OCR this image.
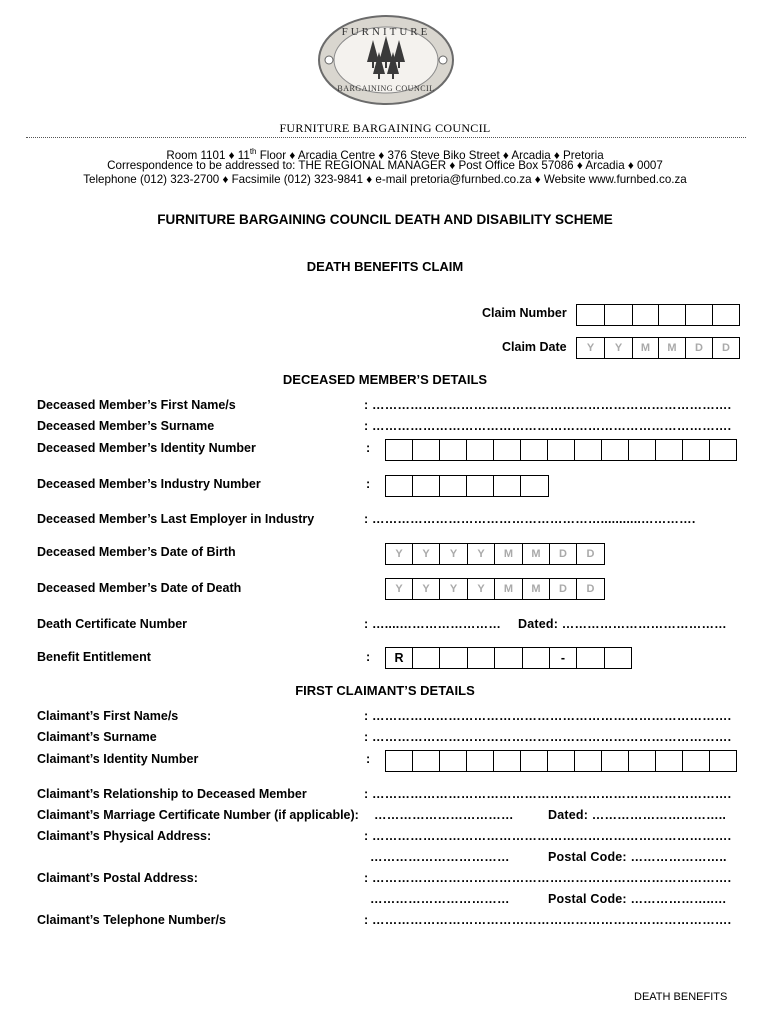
FURNITURE
BARGAINING COUNCIL
FURNITURE BARGAINING COUNCIL
Room 1101 ♦ 11th Floor ♦ Arcadia Centre ♦ 376 Steve Biko Street ♦ Arcadia ♦ Pretoria
Correspondence to be addressed to: THE REGIONAL MANAGER ♦ Post Office Box 57086 ♦ Arcadia ♦ 0007
Telephone (012) 323-2700 ♦ Facsimile (012) 323-9841 ♦ e-mail pretoria@furnbed.co.za ♦ Website www.furnbed.co.za
FURNITURE BARGAINING COUNCIL DEATH AND DISABILITY SCHEME
DEATH BENEFITS CLAIM
Claim Number
Claim Date	Y	Y	M	M	D	D
DECEASED MEMBER’S DETAILS
Deceased Member’s First Name/s	: ………………………………………………………………………….
Deceased Member’s Surname	: ………………………………………………………………………….
Deceased Member’s Identity Number	:
Deceased Member’s Industry Number	:
Deceased Member’s Last Employer in Industry	: ………………………………………………...........………….
Deceased Member’s Date of Birth	Y	Y	Y	Y	M	M	D	D
Deceased Member’s Date of Death	Y	Y	Y	Y	M	M	D	D
Death Certificate Number	: …....…………………… Dated: …………………………………
Benefit Entitlement	:	R	-
FIRST CLAIMANT’S DETAILS
Claimant’s First Name/s	: ………………………………………………………………………….
Claimant’s Surname	: ………………………………………………………………………….
Claimant’s Identity Number	:
Claimant’s Relationship to Deceased Member	: ………………………………………………………………………….
Claimant’s Marriage Certificate Number (if applicable): ……………………………	Dated: …………………………..
Claimant’s Physical Address:	: ………………………………………………………………………….
……………………………	Postal Code: …………………..
Claimant’s Postal Address:	: ………………………………………………………………………….
……………………………	Postal Code: ………………..…
Claimant’s Telephone Number/s	: ………………………………………………………………………….
DEATH BENEFITS
